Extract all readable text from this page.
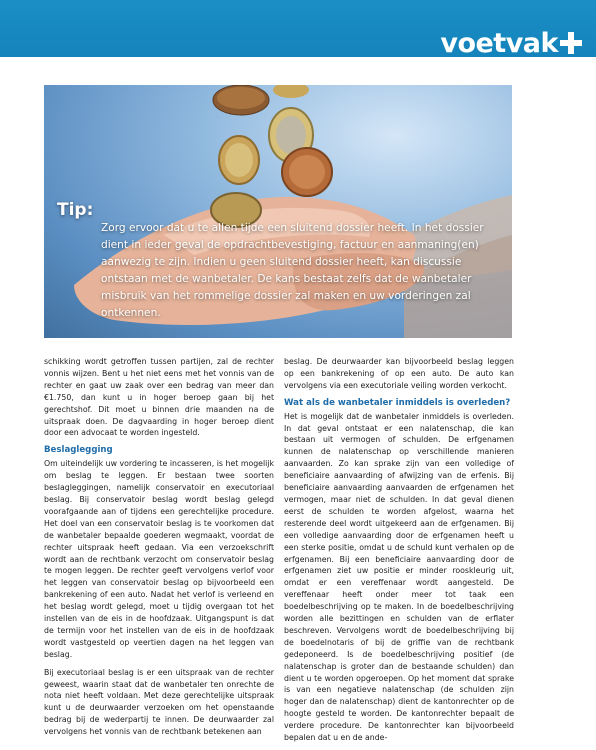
voetvak
Tip:
Zorg ervoor dat u te allen tijde een sluitend dossier heeft. In het dossier dient in ieder geval de opdrachtbevestiging, factuur en aanmaning(en) aanwezig te zijn. Indien u geen sluitend dossier heeft, kan discussie ontstaan met de wanbetaler. De kans bestaat zelfs dat de wanbetaler misbruik van het rommelige dossier zal maken en uw vorderingen zal ontkennen.

schikking wordt getroffen tussen partijen, zal de rechter vonnis wijzen. Bent u het niet eens met het vonnis van de rechter en gaat uw zaak over een bedrag van meer dan €1.750, dan kunt u in hoger beroep gaan bij het gerechtshof. Dit moet u binnen drie maanden na de uitspraak doen. De dagvaarding in hoger beroep dient door een advocaat te worden ingesteld.

Beslaglegging

Om uiteindelijk uw vordering te incasseren, is het mogelijk om beslag te leggen. Er bestaan twee soorten beslagleggingen, namelijk conservatoir en executoriaal beslag. Bij conservatoir beslag wordt beslag gelegd voorafgaande aan of tijdens een gerechtelijke procedure. Het doel van een conservatoir beslag is te voorkomen dat de wanbetaler bepaalde goederen wegmaakt, voordat de rechter uitspraak heeft gedaan. Via een verzoekschrift wordt aan de rechtbank verzocht om conservatoir beslag te mogen leggen. De rechter geeft vervolgens verlof voor het leggen van conservatoir beslag op bijvoorbeeld een bankrekening of een auto. Nadat het verlof is verleend en het beslag wordt gelegd, moet u tijdig overgaan tot het instellen van de eis in de hoofdzaak. Uitgangspunt is dat de termijn voor het instellen van de eis in de hoofdzaak wordt vastgesteld op veertien dagen na het leggen van beslag.

Bij executoriaal beslag is er een uitspraak van de rechter geweest, waarin staat dat de wanbetaler ten onrechte de nota niet heeft voldaan. Met deze gerechtelijke uitspraak kunt u de deurwaarder verzoeken om het openstaande bedrag bij de wederpartij te innen. De deurwaarder zal vervolgens het vonnis van de rechtbank betekenen aan

beslag. De deurwaarder kan bijvoorbeeld beslag leggen op een bankrekening of op een auto. De auto kan vervolgens via een executoriale veiling worden verkocht.

Wat als de wanbetaler inmiddels is overleden?

Het is mogelijk dat de wanbetaler inmiddels is overleden. In dat geval ontstaat er een nalatenschap, die kan bestaan uit vermogen of schulden. De erfgenamen kunnen de nalatenschap op verschillende manieren aanvaarden. Zo kan sprake zijn van een volledige of beneficiaire aanvaarding of afwijzing van de erfenis. Bij beneficiaire aanvaarding aanvaarden de erfgenamen het vermogen, maar niet de schulden. In dat geval dienen eerst de schulden te worden afgelost, waarna het resterende deel wordt uitgekeerd aan de erfgenamen. Bij een volledige aanvaarding door de erfgenamen heeft u een sterke positie, omdat u de schuld kunt verhalen op de erfgenamen. Bij een beneficiaire aanvaarding door de erfgenamen ziet uw positie er minder rooskleurig uit, omdat er een vereffenaar wordt aangesteld. De vereffenaar heeft onder meer tot taak een boedelbeschrijving op te maken. In de boedelbeschrijving worden alle bezittingen en schulden van de erflater beschreven. Vervolgens wordt de boedelbeschrijving bij de boedelnotaris of bij de griffie van de rechtbank gedeponeerd. Is de boedelbeschrijving positief (de nalatenschap is groter dan de bestaande schulden) dan dient u te worden opgeroepen. Op het moment dat sprake is van een negatieve nalatenschap (de schulden zijn hoger dan de nalatenschap) dient de kantonrechter op de hoogte gesteld te worden. De kantonrechter bepaalt de verdere procedure. De kantonrechter kan bijvoorbeeld bepalen dat u en de ande-
